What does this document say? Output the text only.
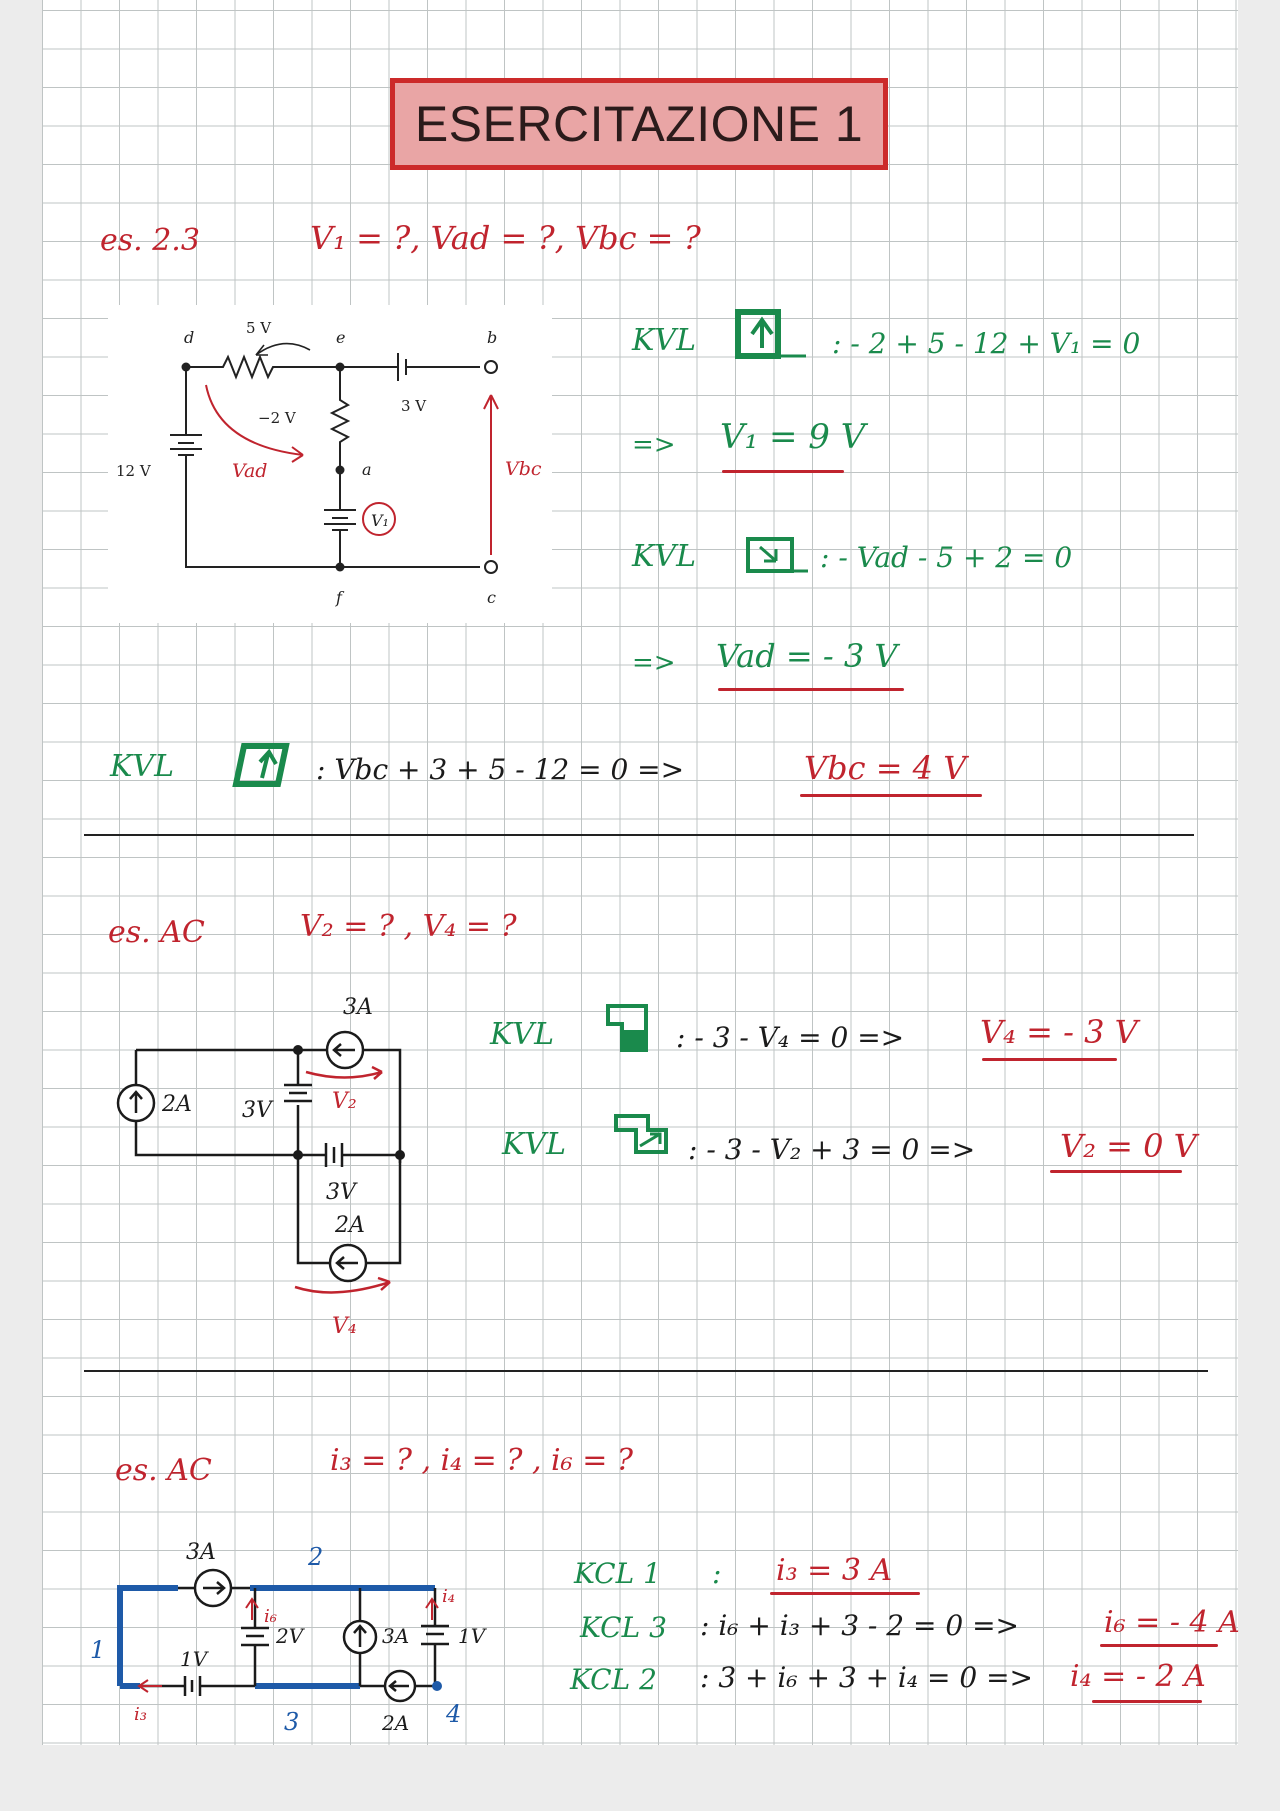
ESERCITAZIONE 1
es. 2.3	V₁ = ?, Vad = ?, Vbc = ?
V₁
d	e	b
a
f	c
5 V
−2 V
3 V
12 V	Vad	Vbc
KVL	: - 2 + 5 - 12 + V₁ = 0
=> V₁ = 9 V
KVL	: - Vad - 5 + 2 = 0
=> Vad = - 3 V
KVL	: Vbc + 3 + 5 - 12 = 0 =>	Vbc = 4 V
es. AC	V₂ = ? , V₄ = ?
3A
2A 3V	V₂
3V
2A
V₄
KVL	: - 3 - V₄ = 0 => V₄ = - 3 V
KVL	: - 3 - V₂ + 3 = 0 =>	V₂ = 0 V
es. AC	i₃ = ? , i₄ = ? , i₆ = ?
3A	2
1
3	4
i₆
i₄
i₃
1V
2V	3A 1V
2A
KCL 1 : i₃ = 3 A
KCL 3 : i₆ + i₃ + 3 - 2 = 0 =>	i₆ = - 4 A
KCL 2 : 3 + i₆ + 3 + i₄ = 0 => i₄ = - 2 A
